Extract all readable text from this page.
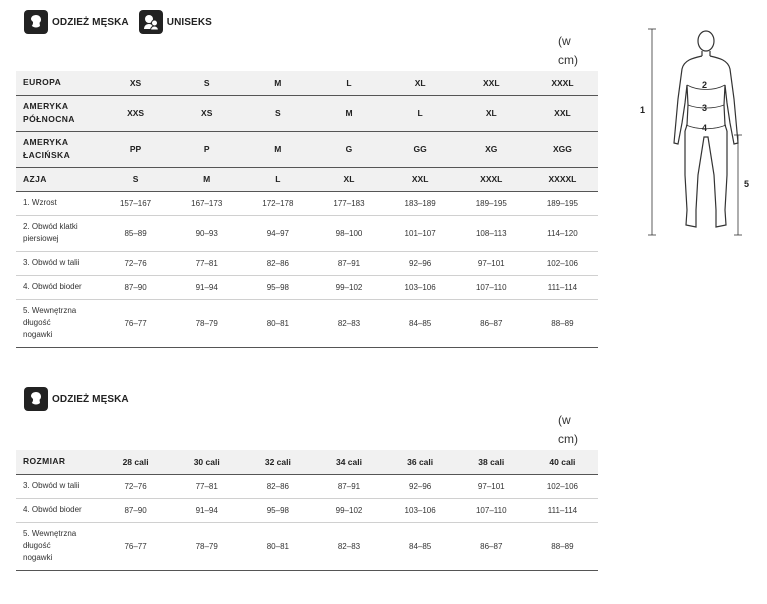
ODZIEŻ MĘSKA	UNISEKS
(w
cm)
EUROPA	XS	S	M	L	XL	XXL	XXXL

AMERYKA
PÓŁNOCNA	XXS	XS	S	M	L	XL	XXL

AMERYKA
ŁACIŃSKA	PP	P	M	G	GG	XG	XGG

AZJA	S	M	L	XL	XXL	XXXL	XXXXL

1. Wzrost	157–167	167–173	172–178	177–183	183–189	189–195	189–195

2. Obwód klatki
piersiowej	85–89	90–93	94–97	98–100	101–107	108–113	114–120

3. Obwód w talii	72–76	77–81	82–86	87–91	92–96	97–101	102–106

4. Obwód bioder	87–90	91–94	95–98	99–102	103–106	107–110	111–114

5. Wewnętrzna
długość
nogawki	76–77	78–79	80–81	82–83	84–85	86–87	88–89
1
2
3
4
5
ODZIEŻ MĘSKA
(w
cm)
ROZMIAR	28 cali	30 cali	32 cali	34 cali	36 cali	38 cali	40 cali

3. Obwód w talii	72–76	77–81	82–86	87–91	92–96	97–101	102–106

4. Obwód bioder	87–90	91–94	95–98	99–102	103–106	107–110	111–114

5. Wewnętrzna
długość
nogawki	76–77	78–79	80–81	82–83	84–85	86–87	88–89
